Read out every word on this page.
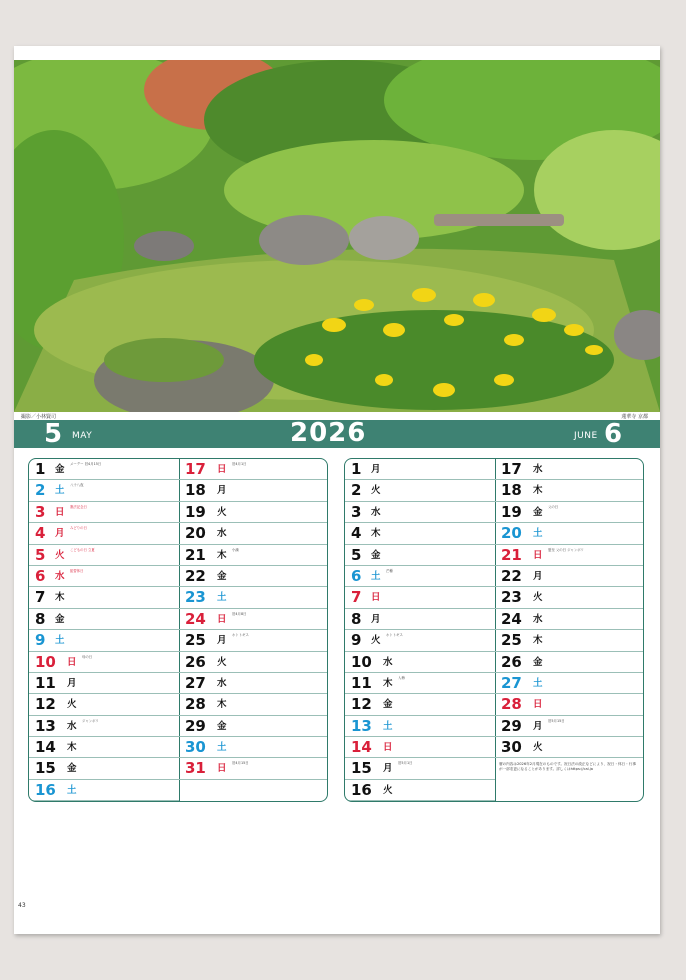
撮影／小林賢司	蓮華寺 京都
5 MAY	2026	JUNE 6
1 金 メーデー 旧4月15日
2 土 八十八夜
3 日 憲法記念日
4 月 みどりの日
5 火 こどもの日 立夏
6 水 振替休日
7 木
8 金
9 土
10 日 母の日
11 月
12 火
13 水 ジャンボリ
14 木
15 金
16 土
17 日 旧4月1日
18 月
19 火
20 水
21 木 小満
22 金
23 土
24 日 旧4月8日
25 月 ホトトギス
26 火
27 水
28 木
29 金
30 土
31 日 旧4月15日
1 月
2 火
3 水
4 木
5 金
6 土 芒種
7 日
8 月
9 火 ホトトギス
10 水
11 木 入梅
12 金
13 土
14 日
15 月 旧5月1日
16 火
17 水
18 木
19 金 父の日
20 土
21 日 夏至 父の日 ジャンボリ
22 月
23 火
24 水
25 木
26 金
27 土
28 日
29 月 旧5月15日
30 火
暦の内容は2026年2月現在のものです。祝日法の改正などにより、祝日・休日・行事が一部変更になることがあります。詳しくはhttps://cal.ja
43
